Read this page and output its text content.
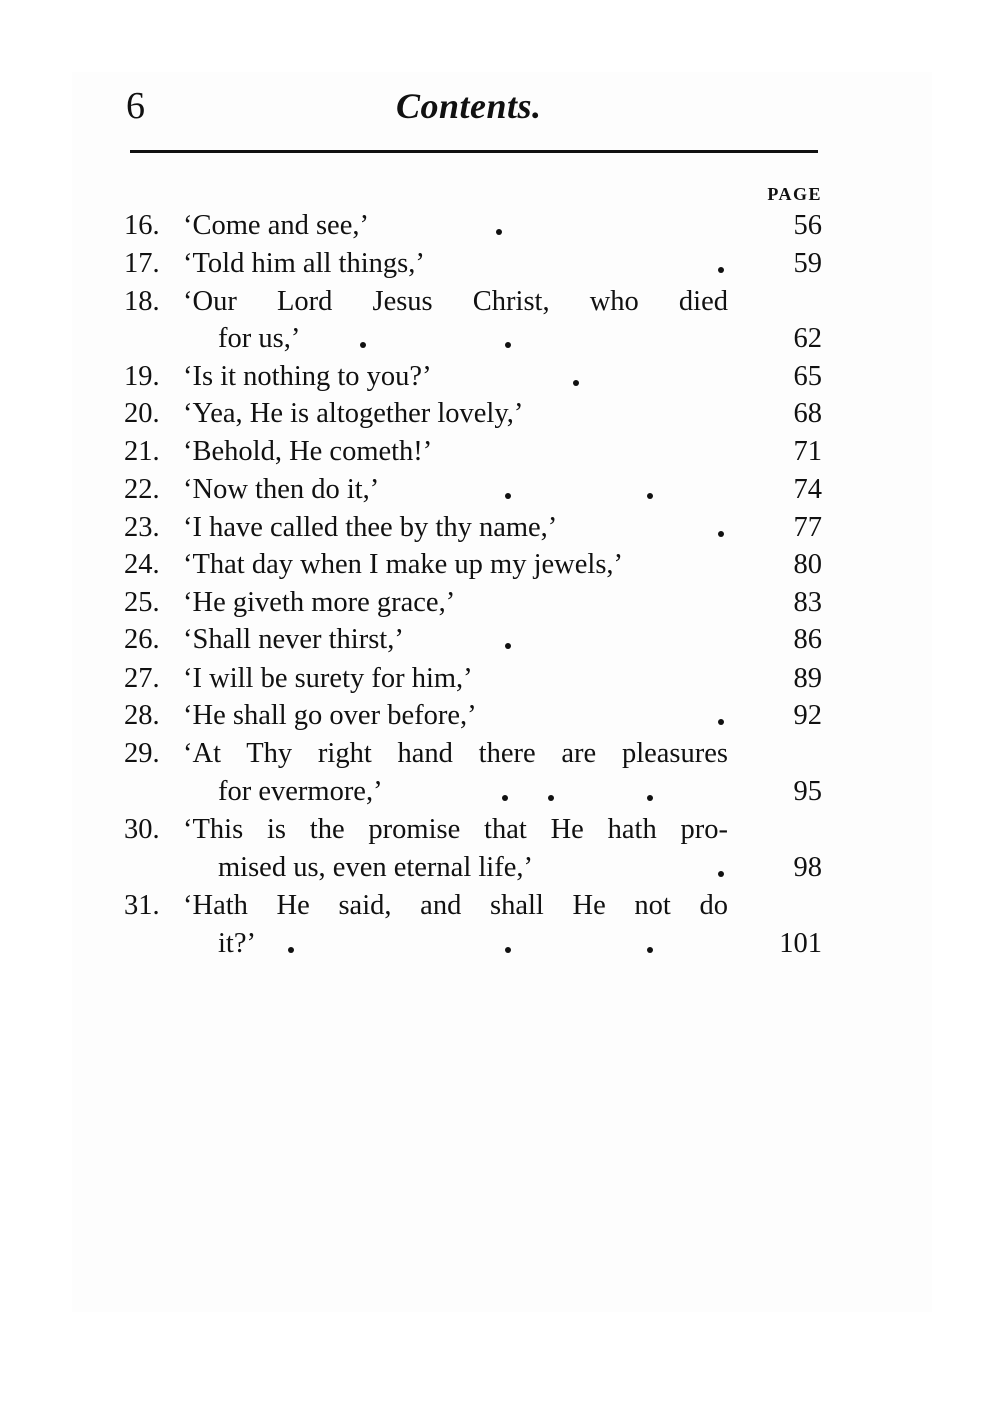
6	Contents.
PAGE
16. ‘Come and see,’	56
17. ‘Told him all things,’	59
18. ‘Our Lord Jesus Christ, who died
for us,’	62
19. ‘Is it nothing to you?’	65
20. ‘Yea, He is altogether lovely,’	68
21. ‘Behold, He cometh!’	71
22. ‘Now then do it,’	74
23. ‘I have called thee by thy name,’	77
24. ‘That day when I make up my jewels,’	80
25. ‘He giveth more grace,’	83
26. ‘Shall never thirst,’	86
27. ‘I will be surety for him,’	89
28. ‘He shall go over before,’	92
29. ‘At Thy right hand there are pleasures
for evermore,’	95
30. ‘This is the promise that He hath pro-
mised us, even eternal life,’	98
31. ‘Hath He said, and shall He not do
it?’	101
